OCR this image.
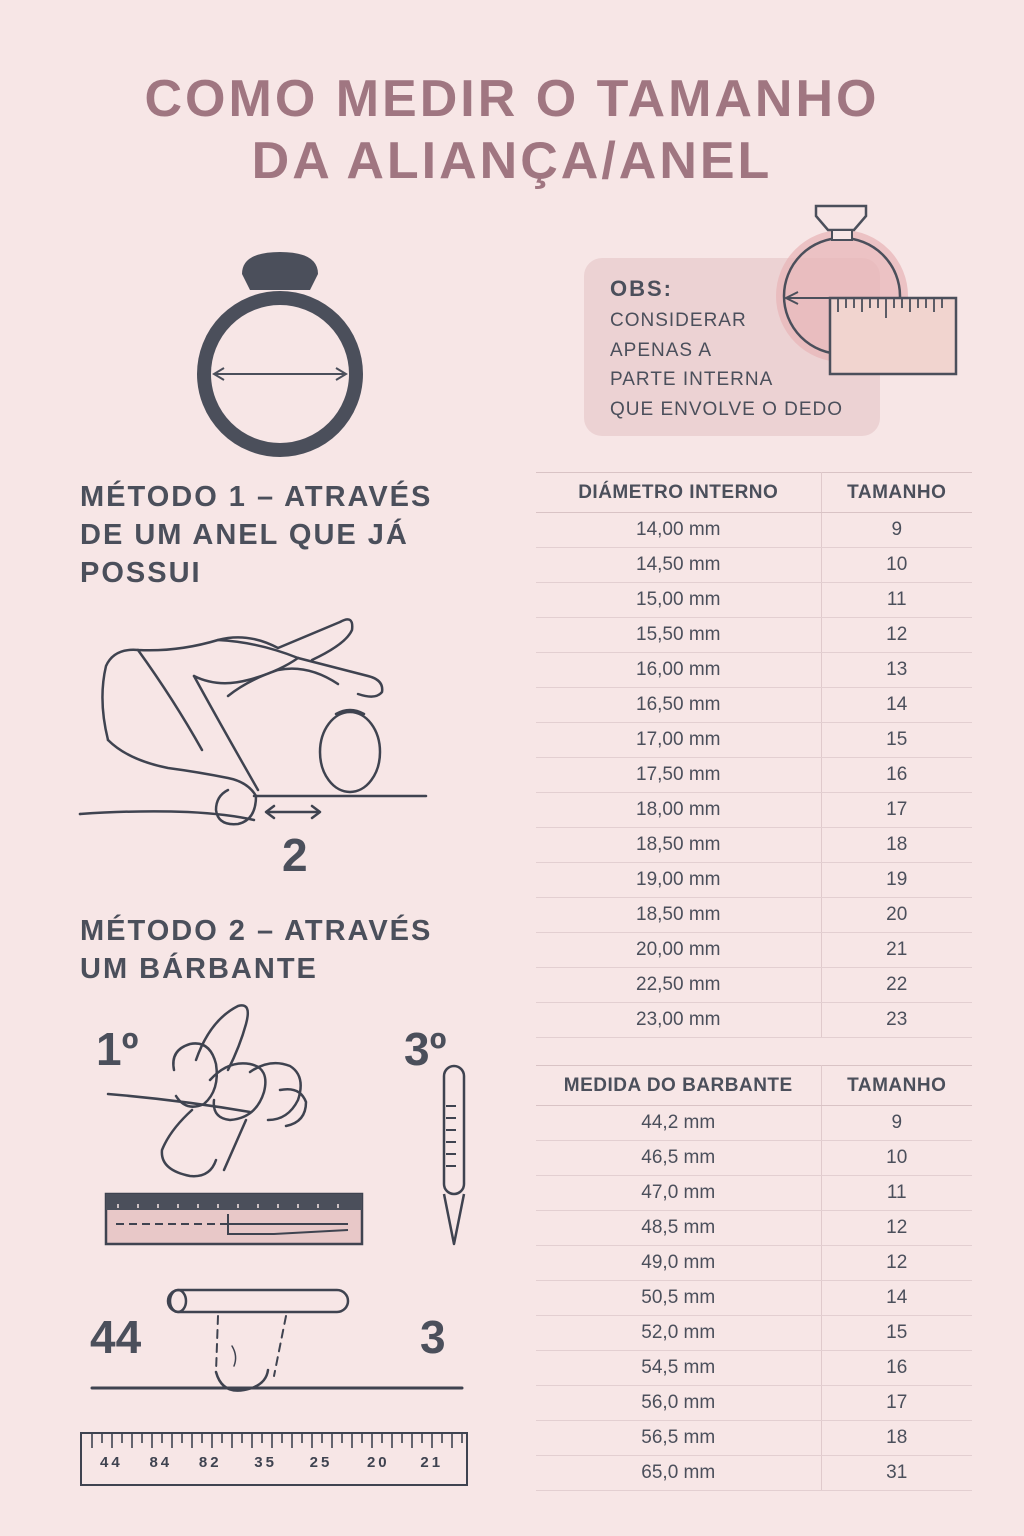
COMO MEDIR O TAMANHO
DA ALIANÇA/ANEL
OBS:
CONSIDERAR
APENAS A
PARTE INTERNA
QUE ENVOLVE O DEDO
MÉTODO 1 – ATRAVÉS
DE UM ANEL QUE JÁ
POSSUI
2
MÉTODO 2 – ATRAVÉS
UM BÁRBANTE
1º	3º
44	3
44	84	82	35	25	20	21
DIÁMETRO INTERNO	TAMANHO
14,00 mm	9
14,50 mm	10
15,00 mm	11
15,50 mm	12
16,00 mm	13
16,50 mm	14
17,00 mm	15
17,50 mm	16
18,00 mm	17
18,50 mm	18
19,00 mm	19
18,50 mm	20
20,00 mm	21
22,50 mm	22
23,00 mm	23
MEDIDA DO BARBANTE	TAMANHO
44,2 mm	9
46,5 mm	10
47,0 mm	11
48,5 mm	12
49,0 mm	12
50,5 mm	14
52,0 mm	15
54,5 mm	16
56,0 mm	17
56,5 mm	18
65,0 mm	31
